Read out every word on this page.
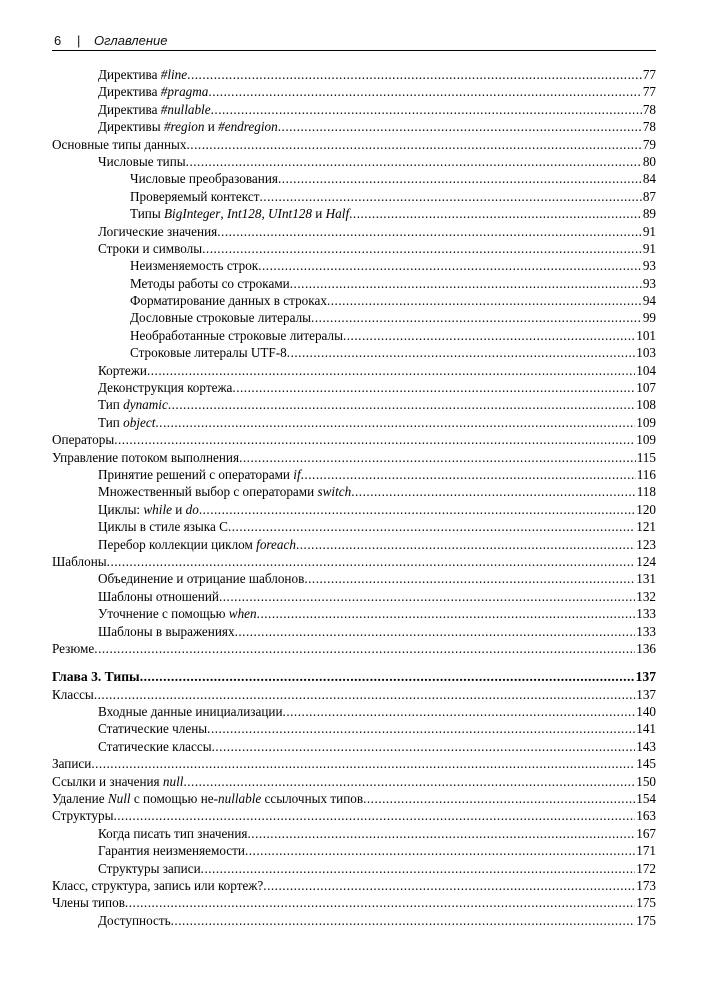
6 | Оглавление
Директива #line .....	77
Директива #pragma .....	77
Директива #nullable .....	78
Директивы #region и #endregion .....	78
Основные типы данных .....	79
Числовые типы .....	80
Числовые преобразования .....	84
Проверяемый контекст .....	87
Типы BigInteger, Int128, UInt128 и Half .....	89
Логические значения .....	91
Строки и символы .....	91
Неизменяемость строк .....	93
Методы работы со строками .....	93
Форматирование данных в строках .....	94
Дословные строковые литералы .....	99
Необработанные строковые литералы .....	101
Строковые литералы UTF-8 .....	103
Кортежи .....	104
Деконструкция кортежа .....	107
Тип dynamic .....	108
Тип object .....	109
Операторы .....	109
Управление потоком выполнения .....	115
Принятие решений с операторами if .....	116
Множественный выбор с операторами switch .....	118
Циклы: while и do .....	120
Циклы в стиле языка С .....	121
Перебор коллекции циклом foreach .....	123
Шаблоны .....	124
Объединение и отрицание шаблонов .....	131
Шаблоны отношений .....	132
Уточнение с помощью when .....	133
Шаблоны в выражениях .....	133
Резюме .....	136
Глава 3. Типы .....	137
Классы .....	137
Входные данные инициализации .....	140
Статические члены .....	141
Статические классы .....	143
Записи .....	145
Ссылки и значения null .....	150
Удаление Null с помощью не-nullable ссылочных типов .....	154
Структуры .....	163
Когда писать тип значения .....	167
Гарантия неизменяемости .....	171
Структуры записи .....	172
Класс, структура, запись или кортеж? .....	173
Члены типов .....	175
Доступность .....	175
